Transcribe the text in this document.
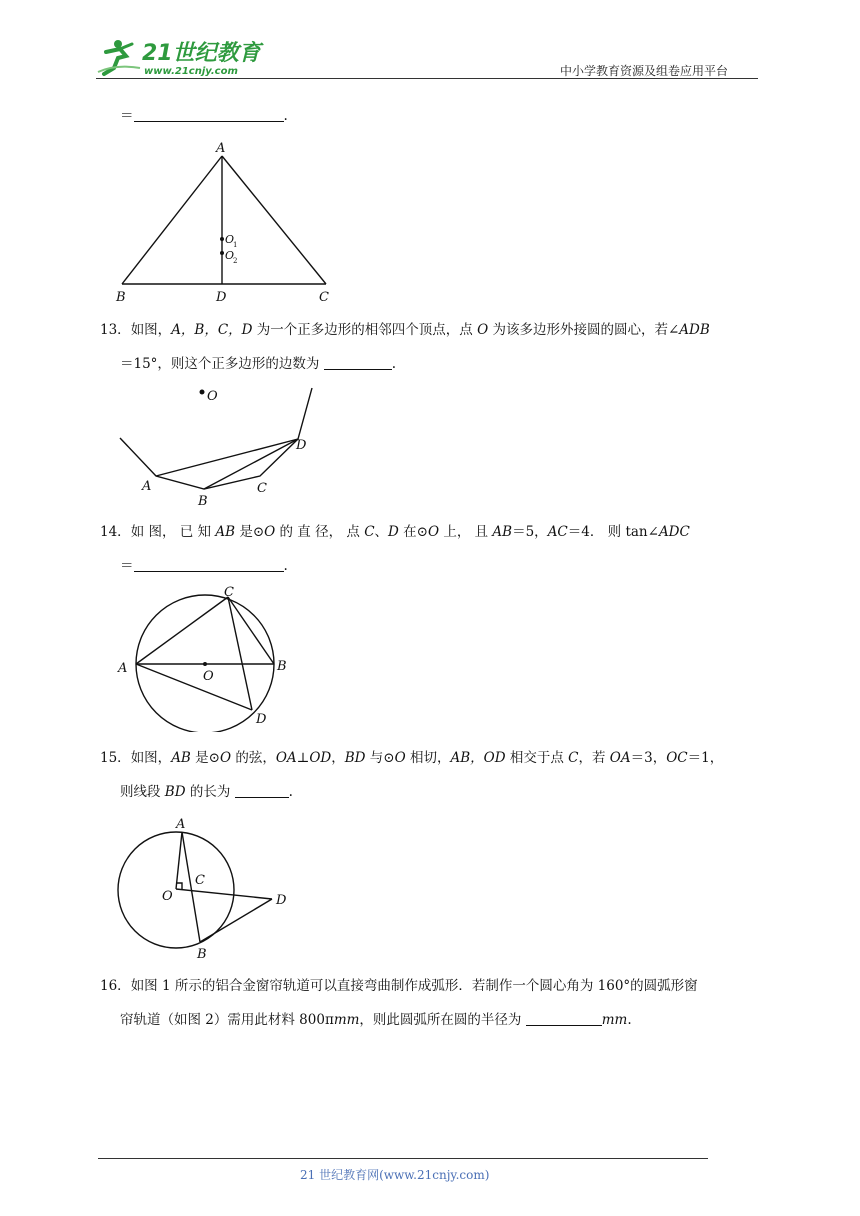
21世纪教育
www.21cnjy.com	中小学教育资源及组卷应用平台
＝	.
A
B	D	C
O
1
O
2
13．如图，A，B，C，D 为一个正多边形的相邻四个顶点，点 O 为该多边形外接圆的圆心，若∠ADB
＝15°，则这个正多边形的边数为	.
O
A
B
C
D
14．如 图， 已 知 AB 是⊙O 的 直 径， 点 C、D 在⊙O 上， 且 AB＝5，AC＝4． 则 tan∠ADC
＝	.
A	B
C
D
O
15．如图，AB 是⊙O 的弦，OA⊥OD，BD 与⊙O 相切，AB，OD 相交于点 C，若 OA＝3，OC＝1，
则线段 BD 的长为	.
A
B
C
D
O
16．如图 1 所示的铝合金窗帘轨道可以直接弯曲制作成弧形．若制作一个圆心角为 160°的圆弧形窗
帘轨道（如图 2）需用此材料 800πmm，则此圆弧所在圆的半径为	mm.
21 世纪教育网(www.21cnjy.com)
